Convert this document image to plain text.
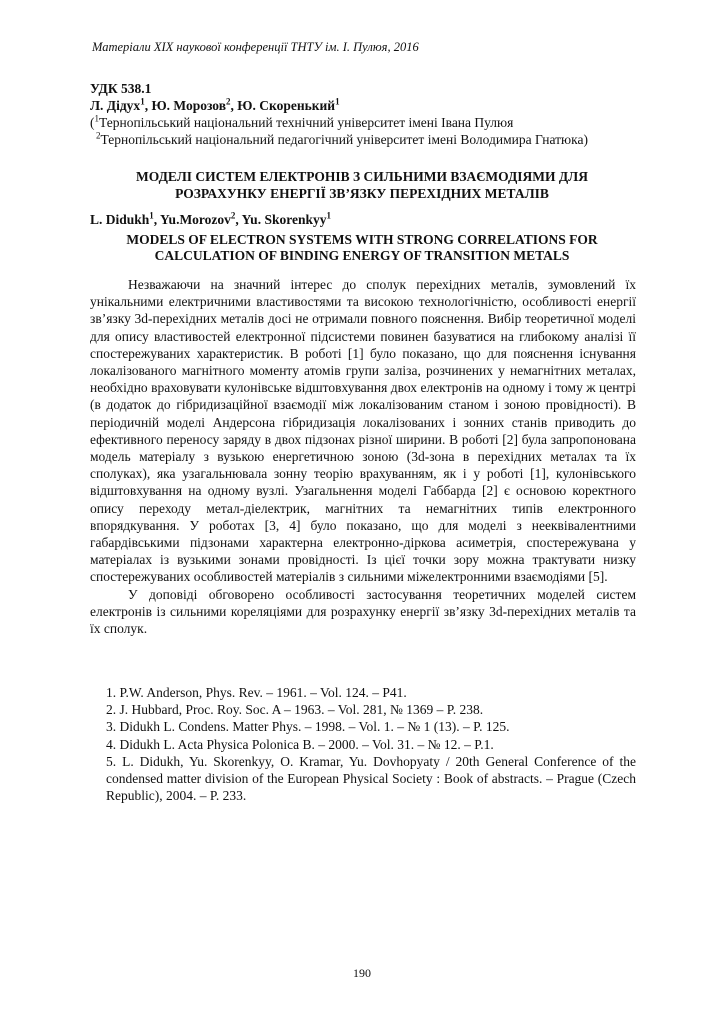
Матеріали XIX наукової конференції ТНТУ ім. І. Пулюя, 2016
УДК 538.1
Л. Дідух$^1$, Ю. Морозов$^2$, Ю. Скоренький$^1$
($^1$Тернопільський національний технічний університет імені Івана Пулюя
$^2$Тернопільський національний педагогічний університет імені Володимира Гнатюка)
МОДЕЛІ СИСТЕМ ЕЛЕКТРОНІВ З СИЛЬНИМИ ВЗАЄМОДІЯМИ ДЛЯ
РОЗРАХУНКУ ЕНЕРГІЇ ЗВ’ЯЗКУ ПЕРЕХІДНИХ МЕТАЛІВ
L. Didukh$^1$, Yu.Morozov$^2$, Yu. Skorenkyy$^1$
MODELS OF ELECTRON SYSTEMS WITH STRONG CORRELATIONS FOR
CALCULATION OF BINDING ENERGY OF TRANSITION METALS

Незважаючи на значний інтерес до сполук перехідних металів, зумовлений їх унікальними електричними властивостями та високою технологічністю, особливості енергії зв’язку 3d-перехідних металів досі не отримали повного пояснення. Вибір теоретичної моделі для опису властивостей електронної підсистеми повинен базуватися на глибокому аналізі її спостережуваних характеристик. В роботі [1] було показано, що для пояснення існування локалізованого магнітного моменту атомів групи заліза, розчинених у немагнітних металах, необхідно враховувати кулонівське відштовхування двох електронів на одному і тому ж центрі (в додаток до гібридизаційної взаємодії між локалізованим станом і зоною провідності). В періодичній моделі Андерсона гібридизація локалізованих і зонних станів приводить до ефективного переносу заряду в двох підзонах різної ширини. В роботі [2] була запропонована модель матеріалу з вузькою енергетичною зоною (3d-зона в перехідних металах та їх сполуках), яка узагальнювала зонну теорію врахуванням, як і у роботі [1], кулонівського відштовхування на одному вузлі. Узагальнення моделі Габбарда [2] є основою коректного опису переходу метал-діелектрик, магнітних та немагнітних типів електронного впорядкування. У роботах [3, 4] було показано, що для моделі з нееквівалентними габардівськими підзонами характерна електронно-діркова асиметрія, спостережувана у матеріалах із вузькими зонами провідності. Із цієї точки зору можна трактувати низку спостережуваних особливостей матеріалів з сильними міжелектронними взаємодіями [5].

У доповіді обговорено особливості застосування теоретичних моделей систем електронів із сильними кореляціями для розрахунку енергії зв’язку 3d-перехідних металів та їх сполук.

1. P.W. Anderson, Phys. Rev. – 1961. – Vol. 124. – P41.

2. J. Hubbard, Proc. Roy. Soc. A – 1963. – Vol. 281, № 1369 – P. 238.

3. Didukh L. Condens. Matter Phys. – 1998. – Vol. 1. – № 1 (13). – P. 125.

4. Didukh L. Acta Physica Polonica B. – 2000. – Vol. 31. – № 12. – P.1.

5. L. Didukh, Yu. Skorenkyy, O. Kramar, Yu. Dovhopyaty / 20th General Conference of the condensed matter division of the European Physical Society : Book of abstracts. – Prague (Czech Republic), 2004. – P. 233.

190
